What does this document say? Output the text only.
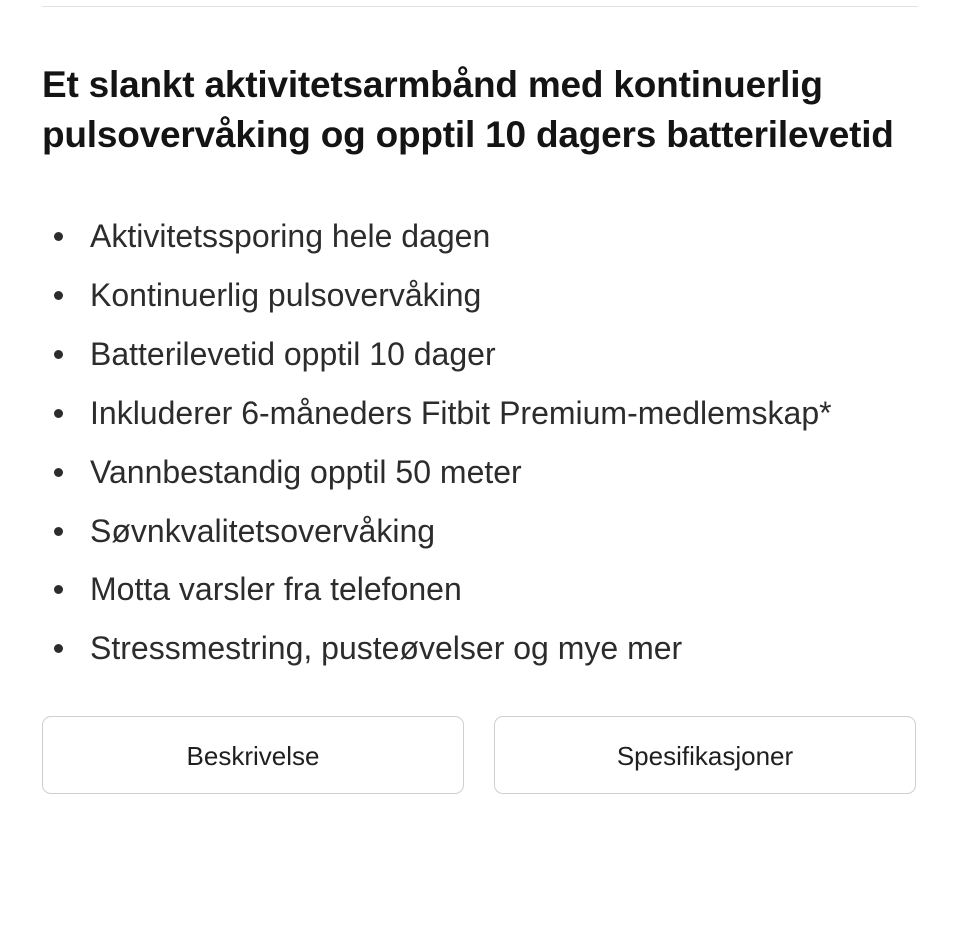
Et slankt aktivitetsarmbånd med kontinuerlig pulsovervåking og opptil 10 dagers batterilevetid
Aktivitetssporing hele dagen
Kontinuerlig pulsovervåking
Batterilevetid opptil 10 dager
Inkluderer 6-måneders Fitbit Premium-medlemskap*
Vannbestandig opptil 50 meter
Søvnkvalitetsovervåking
Motta varsler fra telefonen
Stressmestring, pusteøvelser og mye mer
Beskrivelse	Spesifikasjoner
